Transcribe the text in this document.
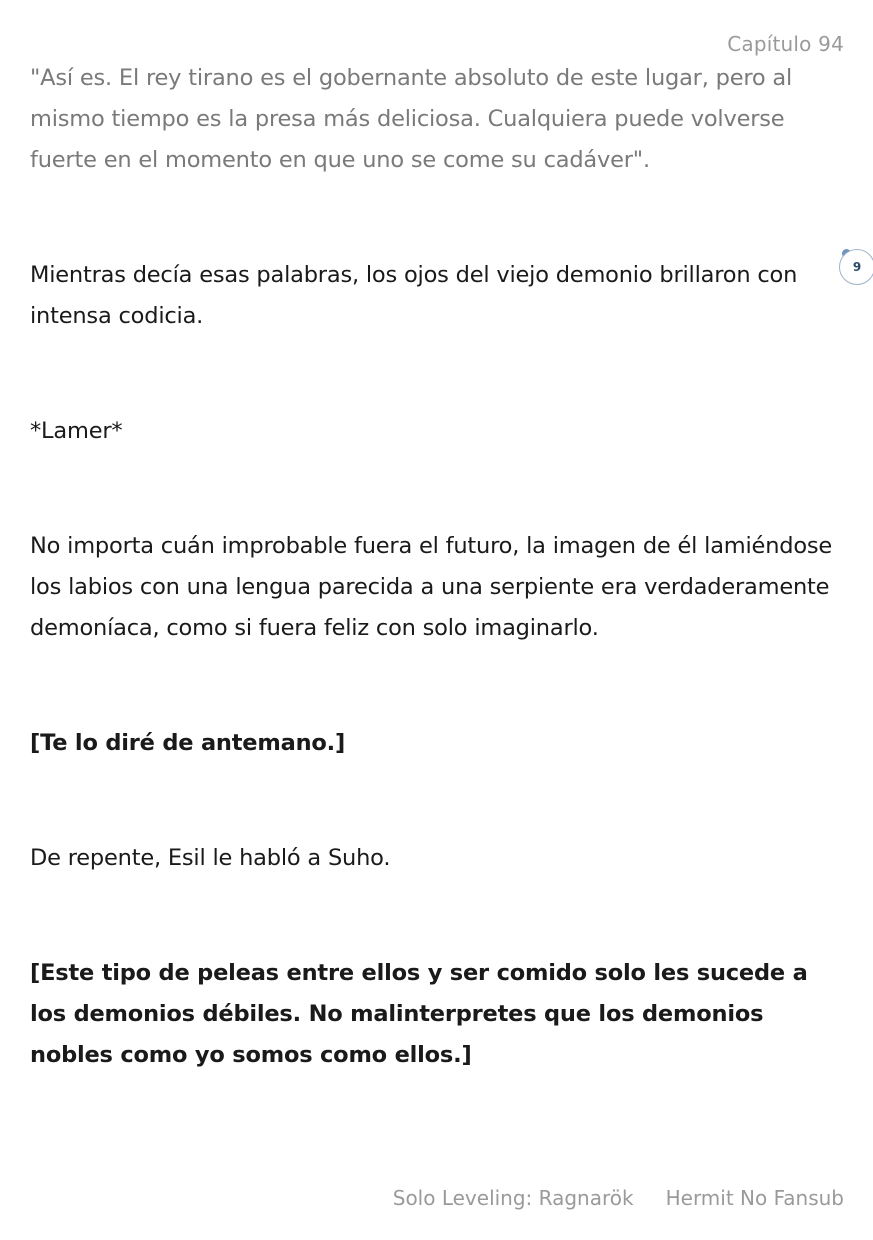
Capítulo 94

"Así es. El rey tirano es el gobernante absoluto de este lugar, pero al mismo tiempo es la presa más deliciosa. Cualquiera puede volverse fuerte en el momento en que uno se come su cadáver".

Mientras decía esas palabras, los ojos del viejo demonio brillaron con intensa codicia.

*Lamer*

No importa cuán improbable fuera el futuro, la imagen de él lamiéndose los labios con una lengua parecida a una serpiente era verdaderamente demoníaca, como si fuera feliz con solo imaginarlo.

[Te lo diré de antemano.]

De repente, Esil le habló a Suho.

[Este tipo de peleas entre ellos y ser comido solo les sucede a los demonios débiles. No malinterpretes que los demonios nobles como yo somos como ellos.]

9
Solo Leveling: Ragnarök Hermit No Fansub
